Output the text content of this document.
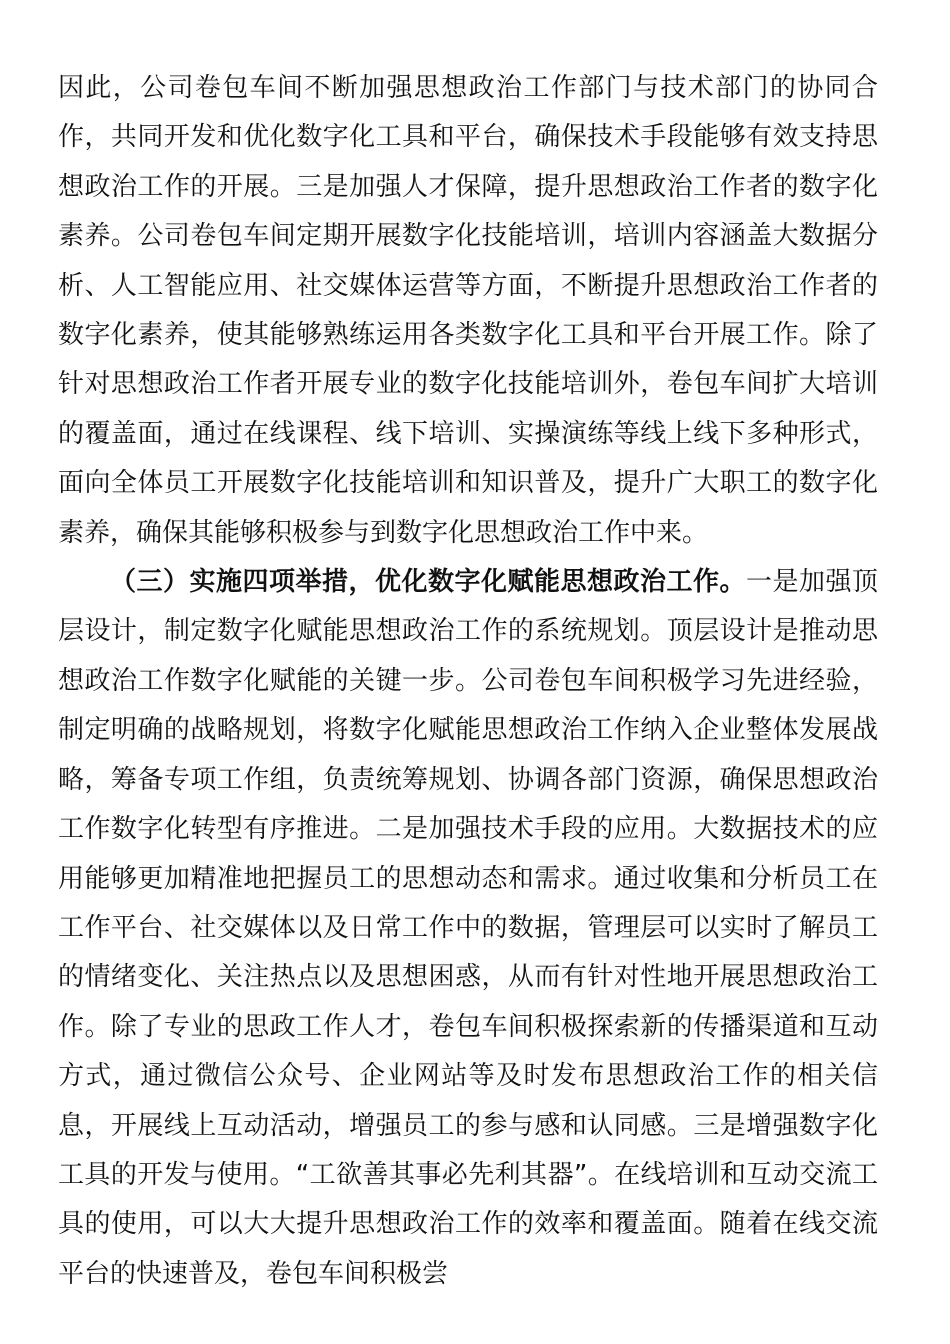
因此，公司卷包车间不断加强思想政治工作部门与技术部门的协同合作，共同开发和优化数字化工具和平台，确保技术手段能够有效支持思想政治工作的开展。三是加强人才保障，提升思想政治工作者的数字化素养。公司卷包车间定期开展数字化技能培训，培训内容涵盖大数据分析、人工智能应用、社交媒体运营等方面，不断提升思想政治工作者的数字化素养，使其能够熟练运用各类数字化工具和平台开展工作。除了针对思想政治工作者开展专业的数字化技能培训外，卷包车间扩大培训的覆盖面，通过在线课程、线下培训、实操演练等线上线下多种形式，面向全体员工开展数字化技能培训和知识普及，提升广大职工的数字化素养，确保其能够积极参与到数字化思想政治工作中来。

（三）实施四项举措，优化数字化赋能思想政治工作。一是加强顶层设计，制定数字化赋能思想政治工作的系统规划。顶层设计是推动思想政治工作数字化赋能的关键一步。公司卷包车间积极学习先进经验，制定明确的战略规划，将数字化赋能思想政治工作纳入企业整体发展战略，筹备专项工作组，负责统筹规划、协调各部门资源，确保思想政治工作数字化转型有序推进。二是加强技术手段的应用。大数据技术的应用能够更加精准地把握员工的思想动态和需求。通过收集和分析员工在工作平台、社交媒体以及日常工作中的数据，管理层可以实时了解员工的情绪变化、关注热点以及思想困惑，从而有针对性地开展思想政治工作。除了专业的思政工作人才，卷包车间积极探索新的传播渠道和互动方式，通过微信公众号、企业网站等及时发布思想政治工作的相关信息，开展线上互动活动，增强员工的参与感和认同感。三是增强数字化工具的开发与使用。“工欲善其事必先利其器”。在线培训和互动交流工具的使用，可以大大提升思想政治工作的效率和覆盖面。随着在线交流平台的快速普及，卷包车间积极尝
